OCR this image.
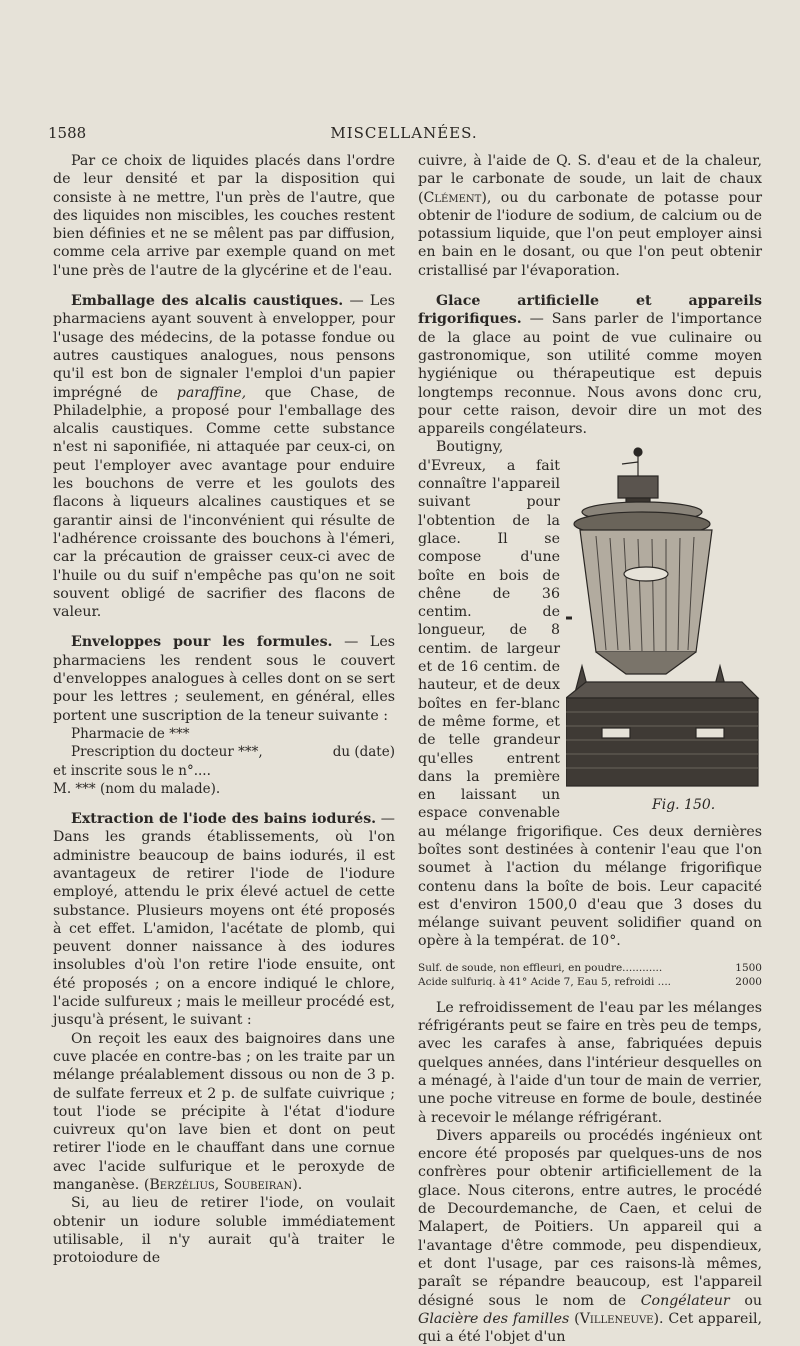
1588	MISCELLANÉES.

Par ce choix de liquides placés dans l'ordre de leur densité et par la disposition qui consiste à ne mettre, l'un près de l'autre, que des liquides non miscibles, les couches restent bien définies et ne se mêlent pas par diffusion, comme cela arrive par exemple quand on met l'une près de l'autre de la glycérine et de l'eau.

Emballage des alcalis caustiques. — Les pharmaciens ayant souvent à envelopper, pour l'usage des médecins, de la potasse fondue ou autres caustiques analogues, nous pensons qu'il est bon de signaler l'emploi d'un papier imprégné de paraffine, que Chase, de Philadelphie, a proposé pour l'emballage des alcalis caustiques. Comme cette substance n'est ni saponifiée, ni attaquée par ceux-ci, on peut l'employer avec avantage pour enduire les bouchons de verre et les goulots des flacons à liqueurs alcalines caustiques et se garantir ainsi de l'inconvénient qui résulte de l'adhérence croissante des bouchons à l'émeri, car la précaution de graisser ceux-ci avec de l'huile ou du suif n'empêche pas qu'on ne soit souvent obligé de sacrifier des flacons de valeur.

Enveloppes pour les formules. — Les pharmaciens les rendent sous le couvert d'enveloppes analogues à celles dont on se sert pour les lettres ; seulement, en général, elles portent une suscription de la teneur suivante :

Pharmacie de ***

Prescription du docteur ***,	du (date)

et inscrite sous le n°....

M. *** (nom du malade).

Extraction de l'iode des bains iodurés. — Dans les grands établissements, où l'on administre beaucoup de bains iodurés, il est avantageux de retirer l'iode de l'iodure employé, attendu le prix élevé actuel de cette substance. Plusieurs moyens ont été proposés à cet effet. L'amidon, l'acétate de plomb, qui peuvent donner naissance à des iodures insolubles d'où l'on retire l'iode ensuite, ont été proposés ; on a encore indiqué le chlore, l'acide sulfureux ; mais le meilleur procédé est, jusqu'à présent, le suivant :

On reçoit les eaux des baignoires dans une cuve placée en contre-bas ; on les traite par un mélange préalablement dissous ou non de 3 p. de sulfate ferreux et 2 p. de sulfate cuivrique ; tout l'iode se précipite à l'état d'iodure cuivreux qu'on lave bien et dont on peut retirer l'iode en le chauffant dans une cornue avec l'acide sulfurique et le peroxyde de manganèse. (Berzélius, Soubeiran).

Si, au lieu de retirer l'iode, on voulait obtenir un iodure soluble immédiatement utilisable, il n'y aurait qu'à traiter le protoiodure de

cuivre, à l'aide de Q. S. d'eau et de la chaleur, par le carbonate de soude, un lait de chaux (Clément), ou du carbonate de potasse pour obtenir de l'iodure de sodium, de calcium ou de potassium liquide, que l'on peut employer ainsi en bain en le dosant, ou que l'on peut obtenir cristallisé par l'évaporation.

Glace artificielle et appareils frigorifiques. — Sans parler de l'importance de la glace au point de vue culinaire ou gastronomique, son utilité comme moyen hygiénique ou thérapeutique est depuis longtemps reconnue. Nous avons donc cru, pour cette raison, devoir dire un mot des appareils congélateurs.

Fig. 150.

Boutigny, d'Evreux, a fait connaître l'appareil suivant pour l'obtention de la glace. Il se compose d'une boîte en bois de chêne de 36 centim. de longueur, de 8 centim. de largeur et de 16 centim. de hauteur, et de deux boîtes en fer-blanc de même forme, et de telle grandeur qu'elles entrent dans la première en laissant un espace convenable au mélange frigorifique. Ces deux dernières boîtes sont destinées à contenir l'eau que l'on soumet à l'action du mélange frigorifique contenu dans la boîte de bois. Leur capacité est d'environ 1500,0 d'eau que 3 doses du mélange suivant peuvent solidifier quand on opère à la températ. de 10°.

Sulf. de soude, non effleuri, en poudre............	1500
Acide sulfuriq. à 41° Acide 7, Eau 5, refroidi ....	2000

Le refroidissement de l'eau par les mélanges réfrigérants peut se faire en très peu de temps, avec les carafes à anse, fabriquées depuis quelques années, dans l'intérieur desquelles on a ménagé, à l'aide d'un tour de main de verrier, une poche vitreuse en forme de boule, destinée à recevoir le mélange réfrigérant.

Divers appareils ou procédés ingénieux ont encore été proposés par quelques-uns de nos confrères pour obtenir artificiellement de la glace. Nous citerons, entre autres, le procédé de Decourdemanche, de Caen, et celui de Malapert, de Poitiers. Un appareil qui a l'avantage d'être commode, peu dispendieux, et dont l'usage, par ces raisons-là mêmes, paraît se répandre beaucoup, est l'appareil désigné sous le nom de Congélateur ou Glacière des familles (Villeneuve). Cet appareil, qui a été l'objet d'un
